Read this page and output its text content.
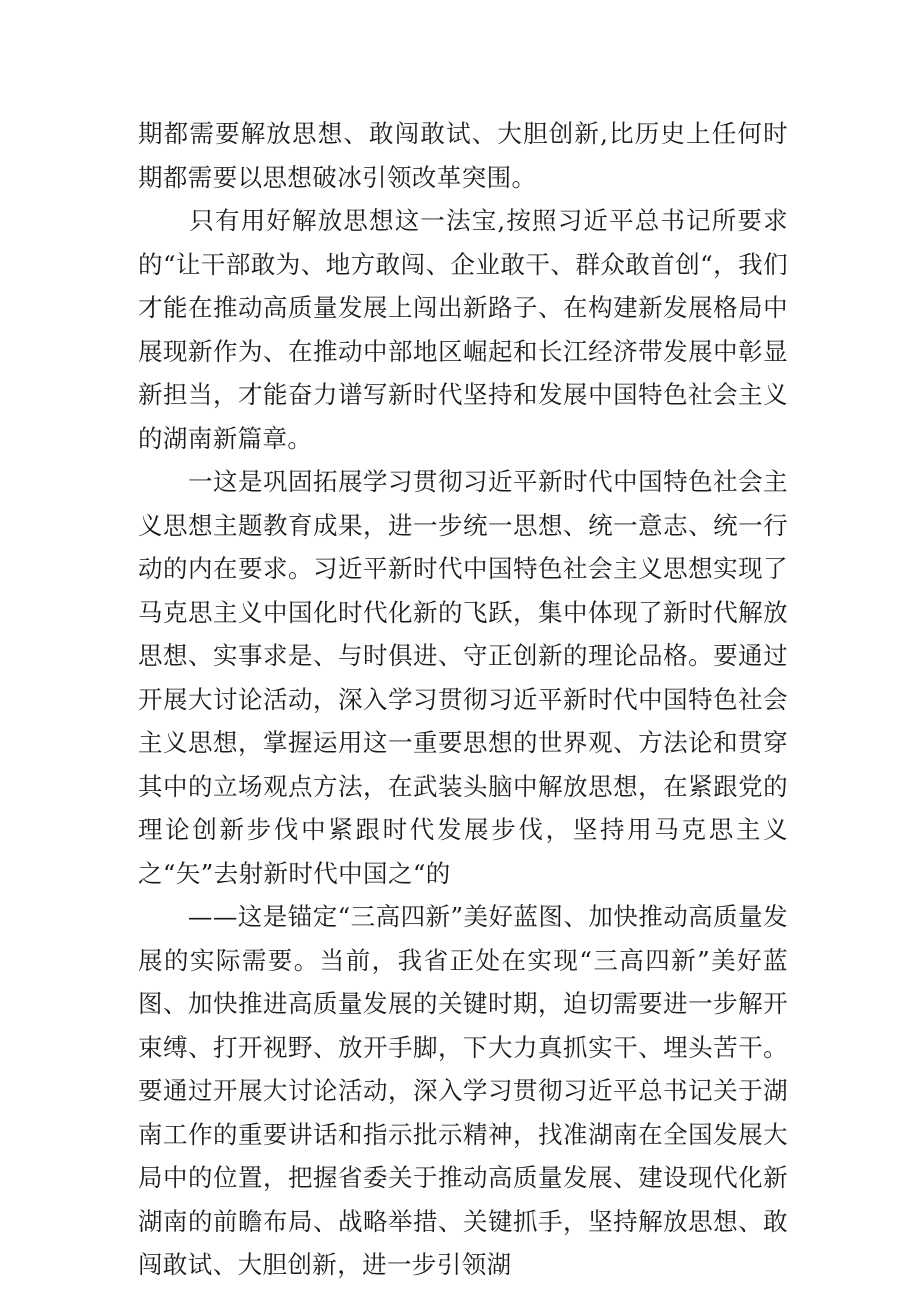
期都需要解放思想、敢闯敢试、大胆创新,比历史上任何时期都需要以思想破冰引领改革突围。

　　只有用好解放思想这一法宝,按照习近平总书记所要求的“让干部敢为、地方敢闯、企业敢干、群众敢首创“，我们才能在推动高质量发展上闯出新路子、在构建新发展格局中展现新作为、在推动中部地区崛起和长江经济带发展中彰显新担当，才能奋力谱写新时代坚持和发展中国特色社会主义的湖南新篇章。

　　一这是巩固拓展学习贯彻习近平新时代中国特色社会主义思想主题教育成果，进一步统一思想、统一意志、统一行动的内在要求。习近平新时代中国特色社会主义思想实现了马克思主义中国化时代化新的飞跃，集中体现了新时代解放思想、实事求是、与时俱进、守正创新的理论品格。要通过开展大讨论活动，深入学习贯彻习近平新时代中国特色社会主义思想，掌握运用这一重要思想的世界观、方法论和贯穿其中的立场观点方法，在武装头脑中解放思想，在紧跟党的理论创新步伐中紧跟时代发展步伐，坚持用马克思主义之“矢”去射新时代中国之“的

　　——这是锚定“三高四新”美好蓝图、加快推动高质量发展的实际需要。当前，我省正处在实现“三高四新”美好蓝图、加快推进高质量发展的关键时期，迫切需要进一步解开束缚、打开视野、放开手脚，下大力真抓实干、埋头苦干。要通过开展大讨论活动，深入学习贯彻习近平总书记关于湖南工作的重要讲话和指示批示精神，找准湖南在全国发展大局中的位置，把握省委关于推动高质量发展、建设现代化新湖南的前瞻布局、战略举措、关键抓手，坚持解放思想、敢闯敢试、大胆创新，进一步引领湖
